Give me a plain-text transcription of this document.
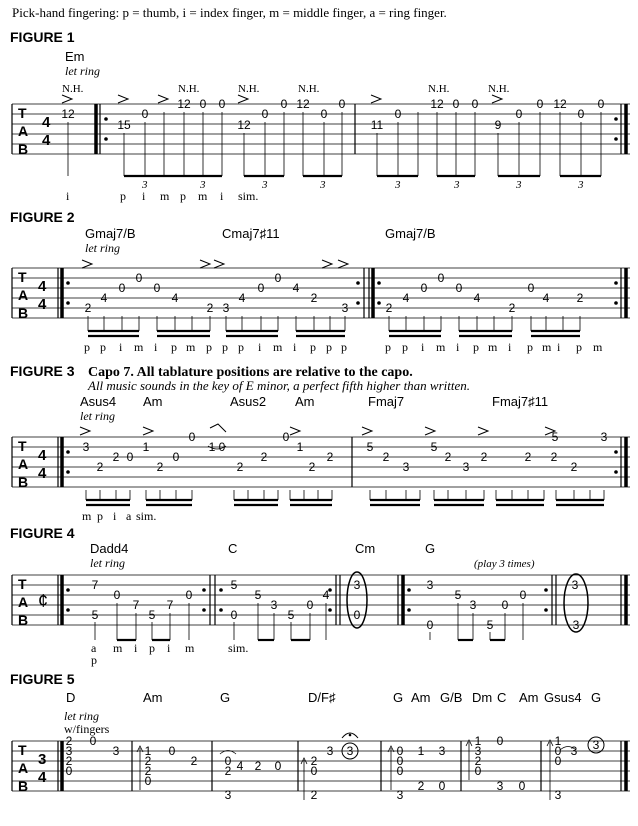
Pick-hand fingering: p = thumb, i = index finger, m = middle finger, a = ring finger.
FIGURE 1
Em
let ring
N.H.	N.H.	N.H.	N.H.	N.H.	N.H.
T
A
B
4
4
12
15
0
12 0 0
12
0
0 12
0
0
11
0
12 0 0
9
0
0 12
0
0
3	3	3	3	3	3	3	3
i	p i m p m i sim.
FIGURE 2
Gmaj7/B	Cmaj7♯11	Gmaj7/B
let ring
T
A
B
4
4	2
4
0
0
0
4
2 3
4
0
0
4
2
3	2
4
0
0
0
4
2
0
4 2
p p i m i p m p p p i m i p p p	p p i m i p m i p m i p m
FIGURE 3 Capo 7. All tablature positions are relative to the capo.
All music sounds in the key of E minor, a perfect fifth higher than written.
Asus4 Am	Asus2 Am	Fmaj7	Fmaj7♯11
let ring
T
A
B
4
4
3
2
2 0
1
2
0
0
1 0
2
2
0
1
2
2
5
2
3
5
2
3
2	2 2
5
2
3
m p i a sim.
FIGURE 4
Dadd4	C	Cm	G
let ring	(play 3 times)
T
A
B
¢
7
5
0
7
5
7
0
5
0
5
3
5
0
4
3
0
3
0
5
3
5
0
0
3
3
a
p
m i p i m	sim.
FIGURE 5
D	Am	G	D/F♯	G Am G/B Dm C Am Gsus4 G
let ring
w/fingers
T
A
B
3
4
2
3
2
0
0
3 1
2
2
0
0
2 0
2 4 2 0
3
2
0
2
3 3	0
0
1 3
0
2 0
3
1
3
2
0
0
3 0
1
0
0
3
3
3
